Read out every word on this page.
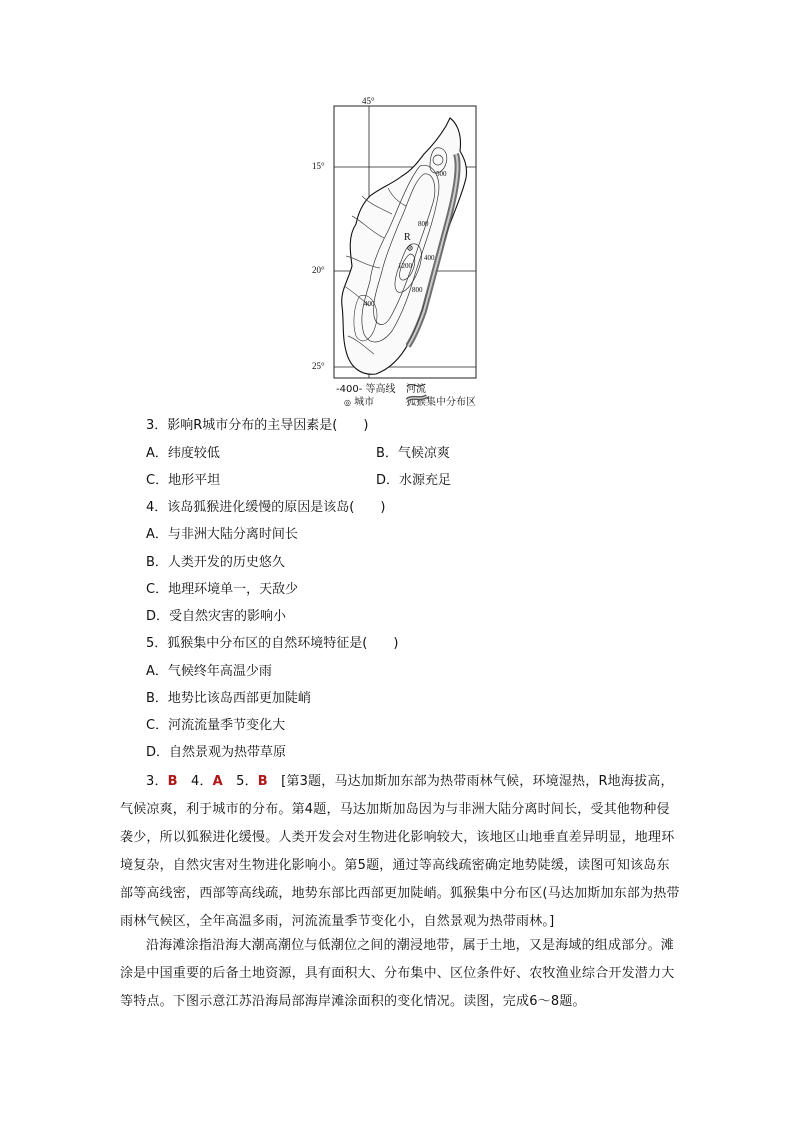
45°
15°
20°
25°
R
500
800
400
800
1200
400
-400- 等高线 河流
◎ 城市	狐猴集中分布区
3．影响R城市分布的主导因素是(　　)
A．纬度较低	B．气候凉爽
C．地形平坦	D．水源充足
4．该岛狐猴进化缓慢的原因是该岛(　　)
A．与非洲大陆分离时间长
B．人类开发的历史悠久
C．地理环境单一，天敌少
D．受自然灾害的影响小
5．狐猴集中分布区的自然环境特征是(　　)
A．气候终年高温少雨
B．地势比该岛西部更加陡峭
C．河流流量季节变化大
D．自然景观为热带草原
3．B　 4．A　 5．B　 [第3题，马达加斯加东部为热带雨林气候，环境湿热，R地海拔高，气候凉爽，利于城市的分布。第4题，马达加斯加岛因为与非洲大陆分离时间长，受其他物种侵袭少，所以狐猴进化缓慢。人类开发会对生物进化影响较大，该地区山地垂直差异明显，地理环境复杂，自然灾害对生物进化影响小。第5题，通过等高线疏密确定地势陡缓，读图可知该岛东部等高线密，西部等高线疏，地势东部比西部更加陡峭。狐猴集中分布区(马达加斯加东部为热带雨林气候区，全年高温多雨，河流流量季节变化小，自然景观为热带雨林。]
沿海滩涂指沿海大潮高潮位与低潮位之间的潮浸地带，属于土地，又是海域的组成部分。滩涂是中国重要的后备土地资源，具有面积大、分布集中、区位条件好、农牧渔业综合开发潜力大等特点。下图示意江苏沿海局部海岸滩涂面积的变化情况。读图，完成6～8题。
